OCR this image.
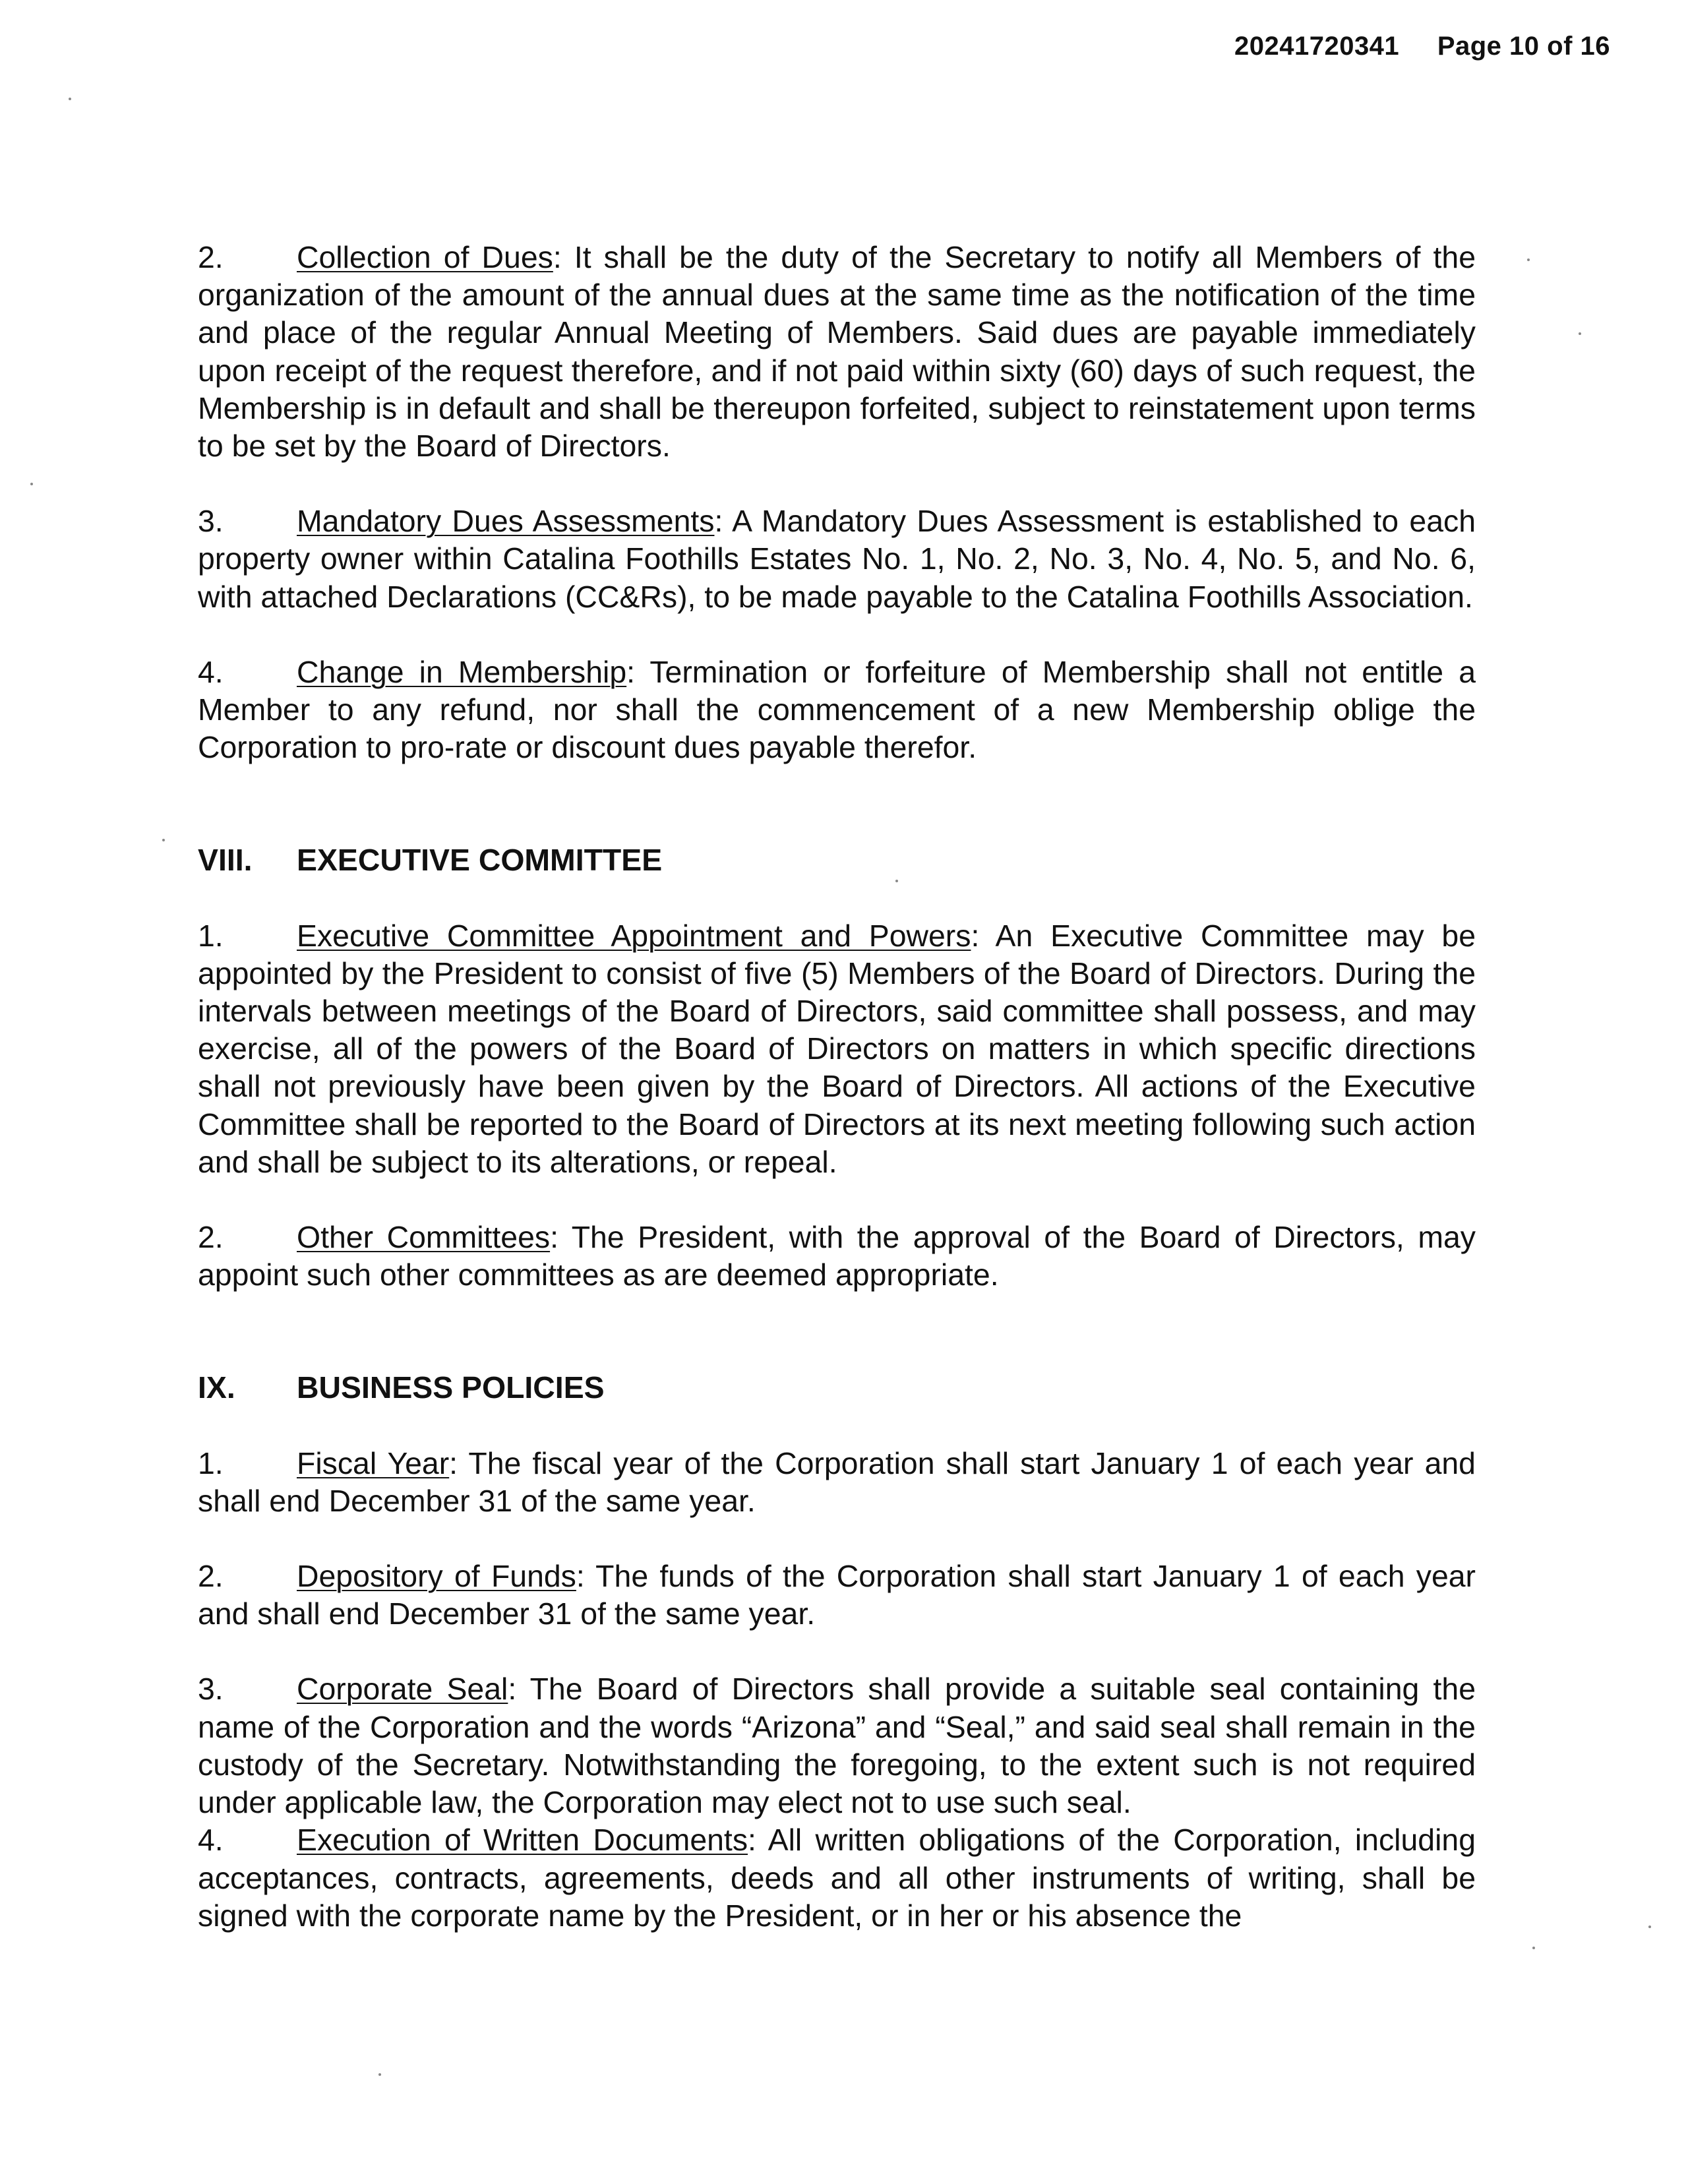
20241720341 Page 10 of 16

2. Collection of Dues: It shall be the duty of the Secretary to notify all Members of the organization of the amount of the annual dues at the same time as the notification of the time and place of the regular Annual Meeting of Members. Said dues are payable immediately upon receipt of the request therefore, and if not paid within sixty (60) days of such request, the Membership is in default and shall be thereupon forfeited, subject to reinstatement upon terms to be set by the Board of Directors.

3. Mandatory Dues Assessments: A Mandatory Dues Assessment is established to each property owner within Catalina Foothills Estates No. 1, No. 2, No. 3, No. 4, No. 5, and No. 6, with attached Declarations (CC&Rs), to be made payable to the Catalina Foothills Association.

4. Change in Membership: Termination or forfeiture of Membership shall not entitle a Member to any refund, nor shall the commencement of a new Membership oblige the Corporation to pro-rate or discount dues payable therefor.

VIII. EXECUTIVE COMMITTEE

1. Executive Committee Appointment and Powers: An Executive Committee may be appointed by the President to consist of five (5) Members of the Board of Directors. During the intervals between meetings of the Board of Directors, said committee shall possess, and may exercise, all of the powers of the Board of Directors on matters in which specific directions shall not previously have been given by the Board of Directors. All actions of the Executive Committee shall be reported to the Board of Directors at its next meeting following such action and shall be subject to its alterations, or repeal.

2. Other Committees: The President, with the approval of the Board of Directors, may appoint such other committees as are deemed appropriate.

IX. BUSINESS POLICIES

1. Fiscal Year: The fiscal year of the Corporation shall start January 1 of each year and shall end December 31 of the same year.

2. Depository of Funds: The funds of the Corporation shall start January 1 of each year and shall end December 31 of the same year.

3. Corporate Seal: The Board of Directors shall provide a suitable seal containing the name of the Corporation and the words “Arizona” and “Seal,” and said seal shall remain in the custody of the Secretary. Notwithstanding the foregoing, to the extent such is not required under applicable law, the Corporation may elect not to use such seal.

4. Execution of Written Documents: All written obligations of the Corporation, including acceptances, contracts, agreements, deeds and all other instruments of writing, shall be signed with the corporate name by the President, or in her or his absence the
